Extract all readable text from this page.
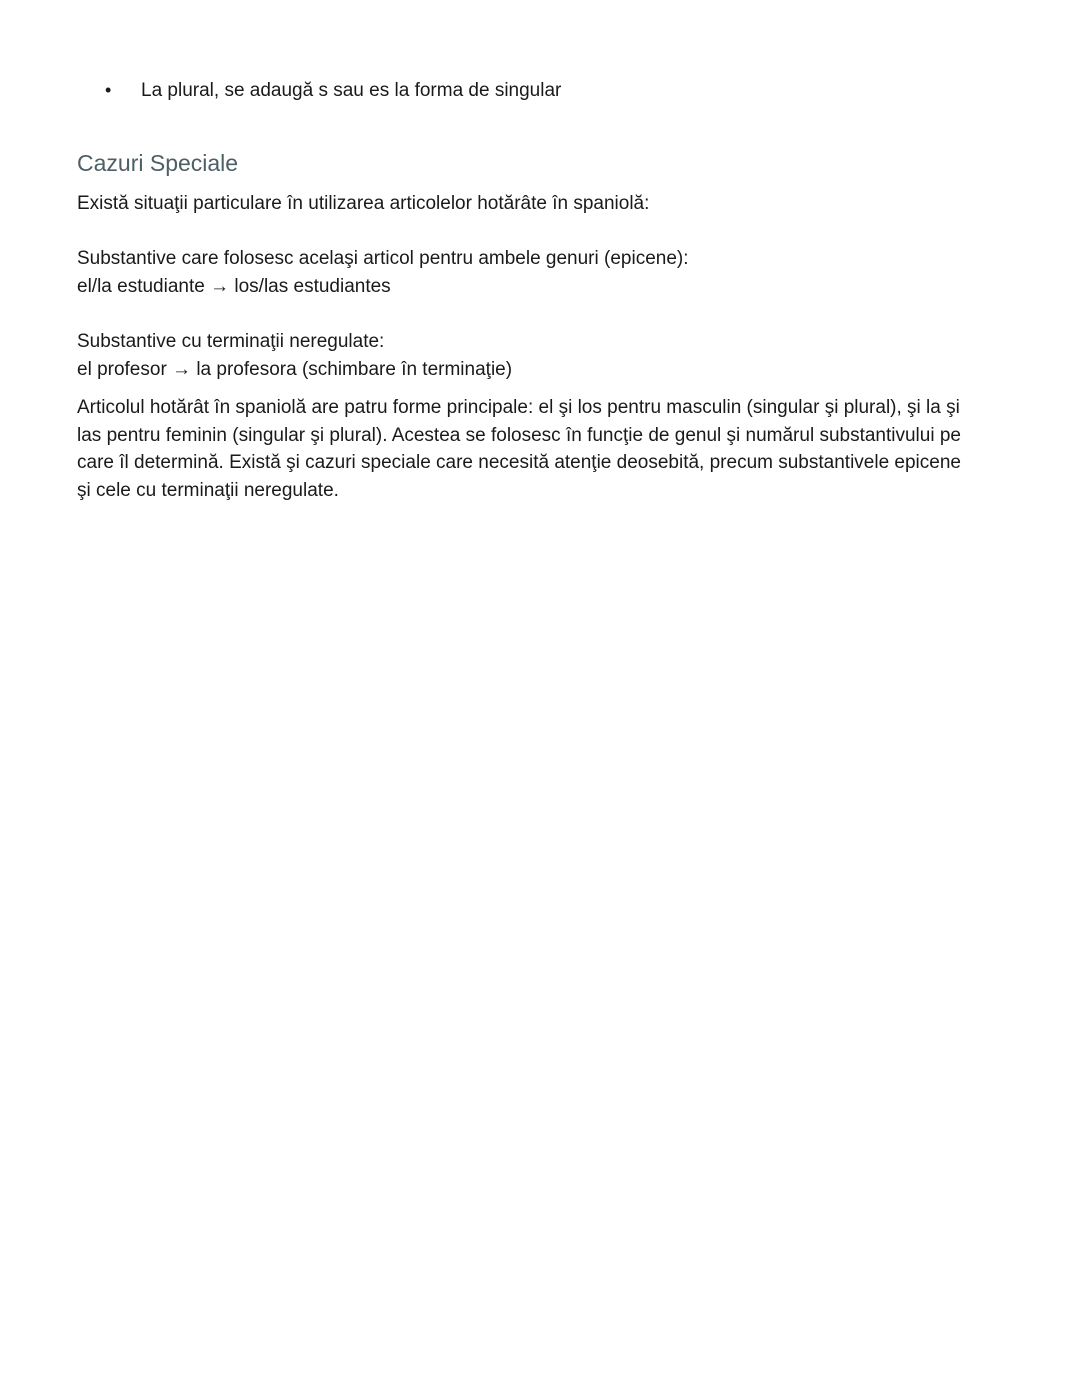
•	La plural, se adaugă s sau es la forma de singular
Cazuri Speciale

Există situaţii particulare în utilizarea articolelor hotărâte în spaniolă:

Substantive care folosesc acelaşi articol pentru ambele genuri (epicene):
el/la estudiante → los/las estudiantes

Substantive cu terminaţii neregulate:
el profesor → la profesora (schimbare în terminaţie)

Articolul hotărât în spaniolă are patru forme principale: el şi los pentru masculin (singular şi plural), şi la şi las pentru feminin (singular şi plural). Acestea se folosesc în funcţie de genul şi numărul substantivului pe care îl determină. Există şi cazuri speciale care necesită atenţie deosebită, precum substantivele epicene şi cele cu terminaţii neregulate.
